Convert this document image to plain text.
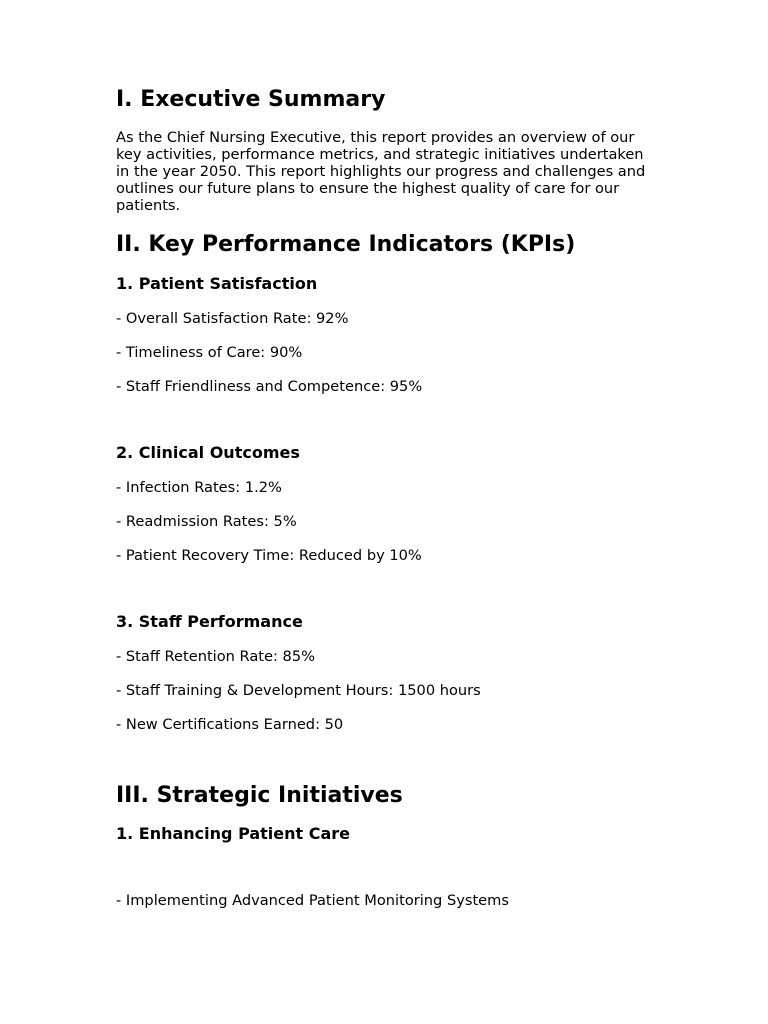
I. Executive Summary

As the Chief Nursing Executive, this report provides an overview of our key activities, performance metrics, and strategic initiatives undertaken in the year 2050. This report highlights our progress and challenges and outlines our future plans to ensure the highest quality of care for our patients.

II. Key Performance Indicators (KPIs)
1. Patient Satisfaction

- Overall Satisfaction Rate: 92%

- Timeliness of Care: 90%

- Staff Friendliness and Competence: 95%

2. Clinical Outcomes

- Infection Rates: 1.2%

- Readmission Rates: 5%

- Patient Recovery Time: Reduced by 10%

3. Staff Performance

- Staff Retention Rate: 85%

- Staff Training & Development Hours: 1500 hours

- New Certifications Earned: 50

III. Strategic Initiatives
1. Enhancing Patient Care

- Implementing Advanced Patient Monitoring Systems
